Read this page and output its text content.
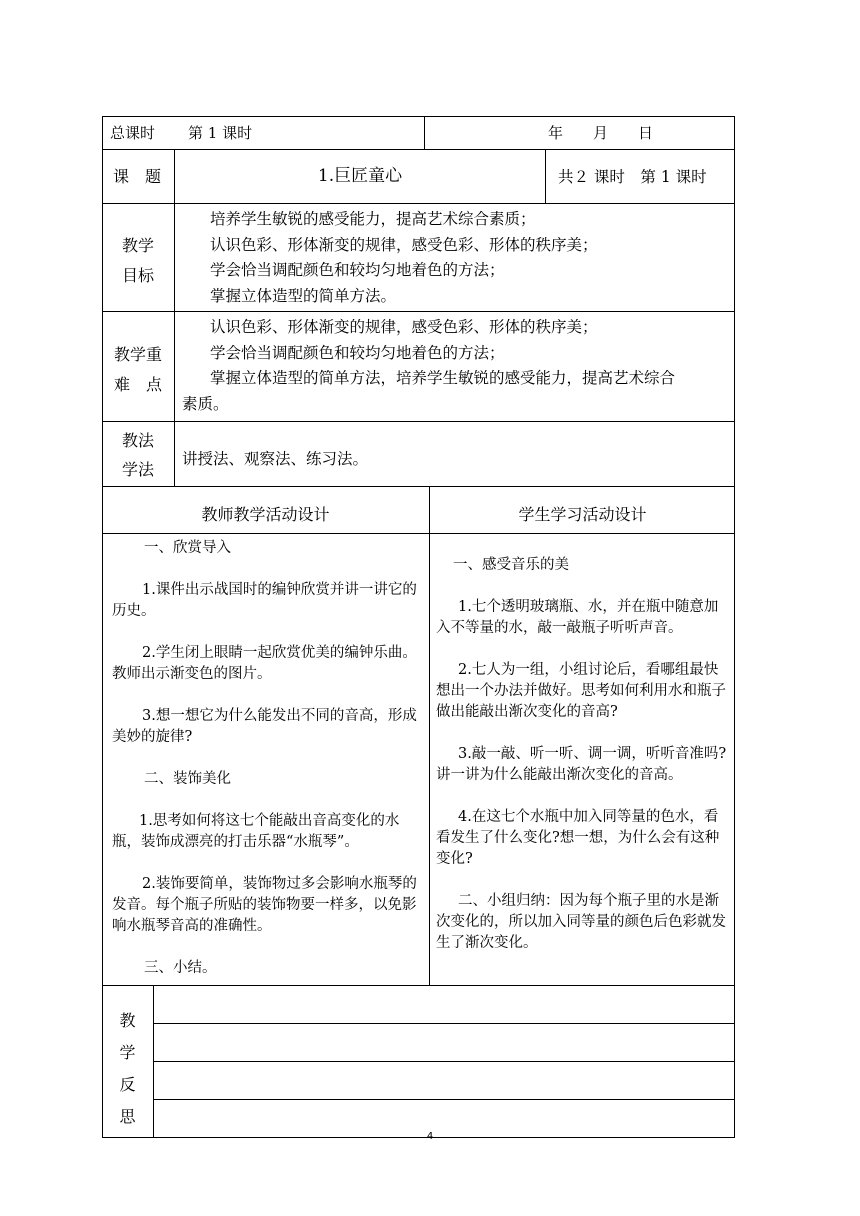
总课时 第 1 课时	年　　月　　日
课　题	1.巨匠童心	共２ 课时　第 1 课时
教学
目标
培养学生敏锐的感受能力，提高艺术综合素质；
认识色彩、形体渐变的规律，感受色彩、形体的秩序美；
学会恰当调配颜色和较均匀地着色的方法；
掌握立体造型的简单方法。
教学重
难　点
认识色彩、形体渐变的规律，感受色彩、形体的秩序美；
学会恰当调配颜色和较均匀地着色的方法；
掌握立体造型的简单方法，培养学生敏锐的感受能力，提高艺术综合
素质。
教法
学法
讲授法、观察法、练习法。
教师教学活动设计	学生学习活动设计
一、欣赏导入
1.课件出示战国时的编钟欣赏并讲一讲它的历史。
2.学生闭上眼睛一起欣赏优美的编钟乐曲。教师出示渐变色的图片。
3.想一想它为什么能发出不同的音高，形成美妙的旋律?
二、装饰美化
1.思考如何将这七个能敲出音高变化的水瓶，装饰成漂亮的打击乐器“水瓶琴”。
2.装饰要简单，装饰物过多会影响水瓶琴的发音。每个瓶子所贴的装饰物要一样多，以免影响水瓶琴音高的准确性。
三、小结。
一、感受音乐的美
1.七个透明玻璃瓶、水，并在瓶中随意加入不等量的水，敲一敲瓶子听听声音。
2.七人为一组，小组讨论后，看哪组最快想出一个办法并做好。思考如何利用水和瓶子做出能敲出渐次变化的音高?
3.敲一敲、听一听、调一调，听听音准吗?讲一讲为什么能敲出渐次变化的音高。
4.在这七个水瓶中加入同等量的色水，看看发生了什么变化?想一想，为什么会有这种变化?
二、小组归纳：因为每个瓶子里的水是渐次变化的，所以加入同等量的颜色后色彩就发生了渐次变化。
教
学
反
思
4
